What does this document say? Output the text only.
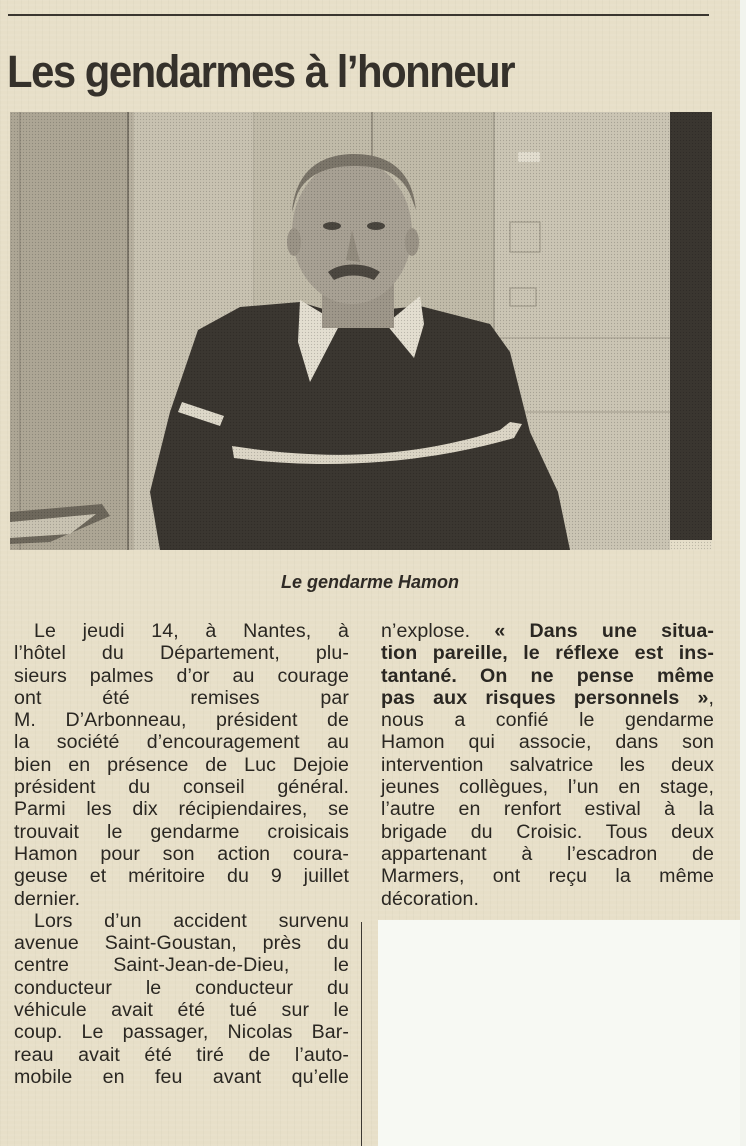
Les gendarmes à l’honneur
Le gendarme Hamon
Le jeudi 14, à Nantes, à
l’hôtel du Département, plu-
sieurs palmes d’or au courage
ont été remises par
M. D’Arbonneau, président de
la société d’encouragement au
bien en présence de Luc Dejoie
président du conseil général.
Parmi les dix récipiendaires, se
trouvait le gendarme croisicais
Hamon pour son action coura-
geuse et méritoire du 9 juillet
dernier.
Lors d’un accident survenu
avenue Saint-Goustan, près du
centre Saint-Jean-de-Dieu, le
conducteur le conducteur du
véhicule avait été tué sur le
coup. Le passager, Nicolas Bar-
reau avait été tiré de l’auto-
mobile en feu avant qu’elle
n’explose. « Dans une situa-
tion pareille, le réflexe est ins-
tantané. On ne pense même
pas aux risques personnels »,
nous a confié le gendarme
Hamon qui associe, dans son
intervention salvatrice les deux
jeunes collègues, l’un en stage,
l’autre en renfort estival à la
brigade du Croisic. Tous deux
appartenant à l’escadron de
Marmers, ont reçu la même
décoration.
